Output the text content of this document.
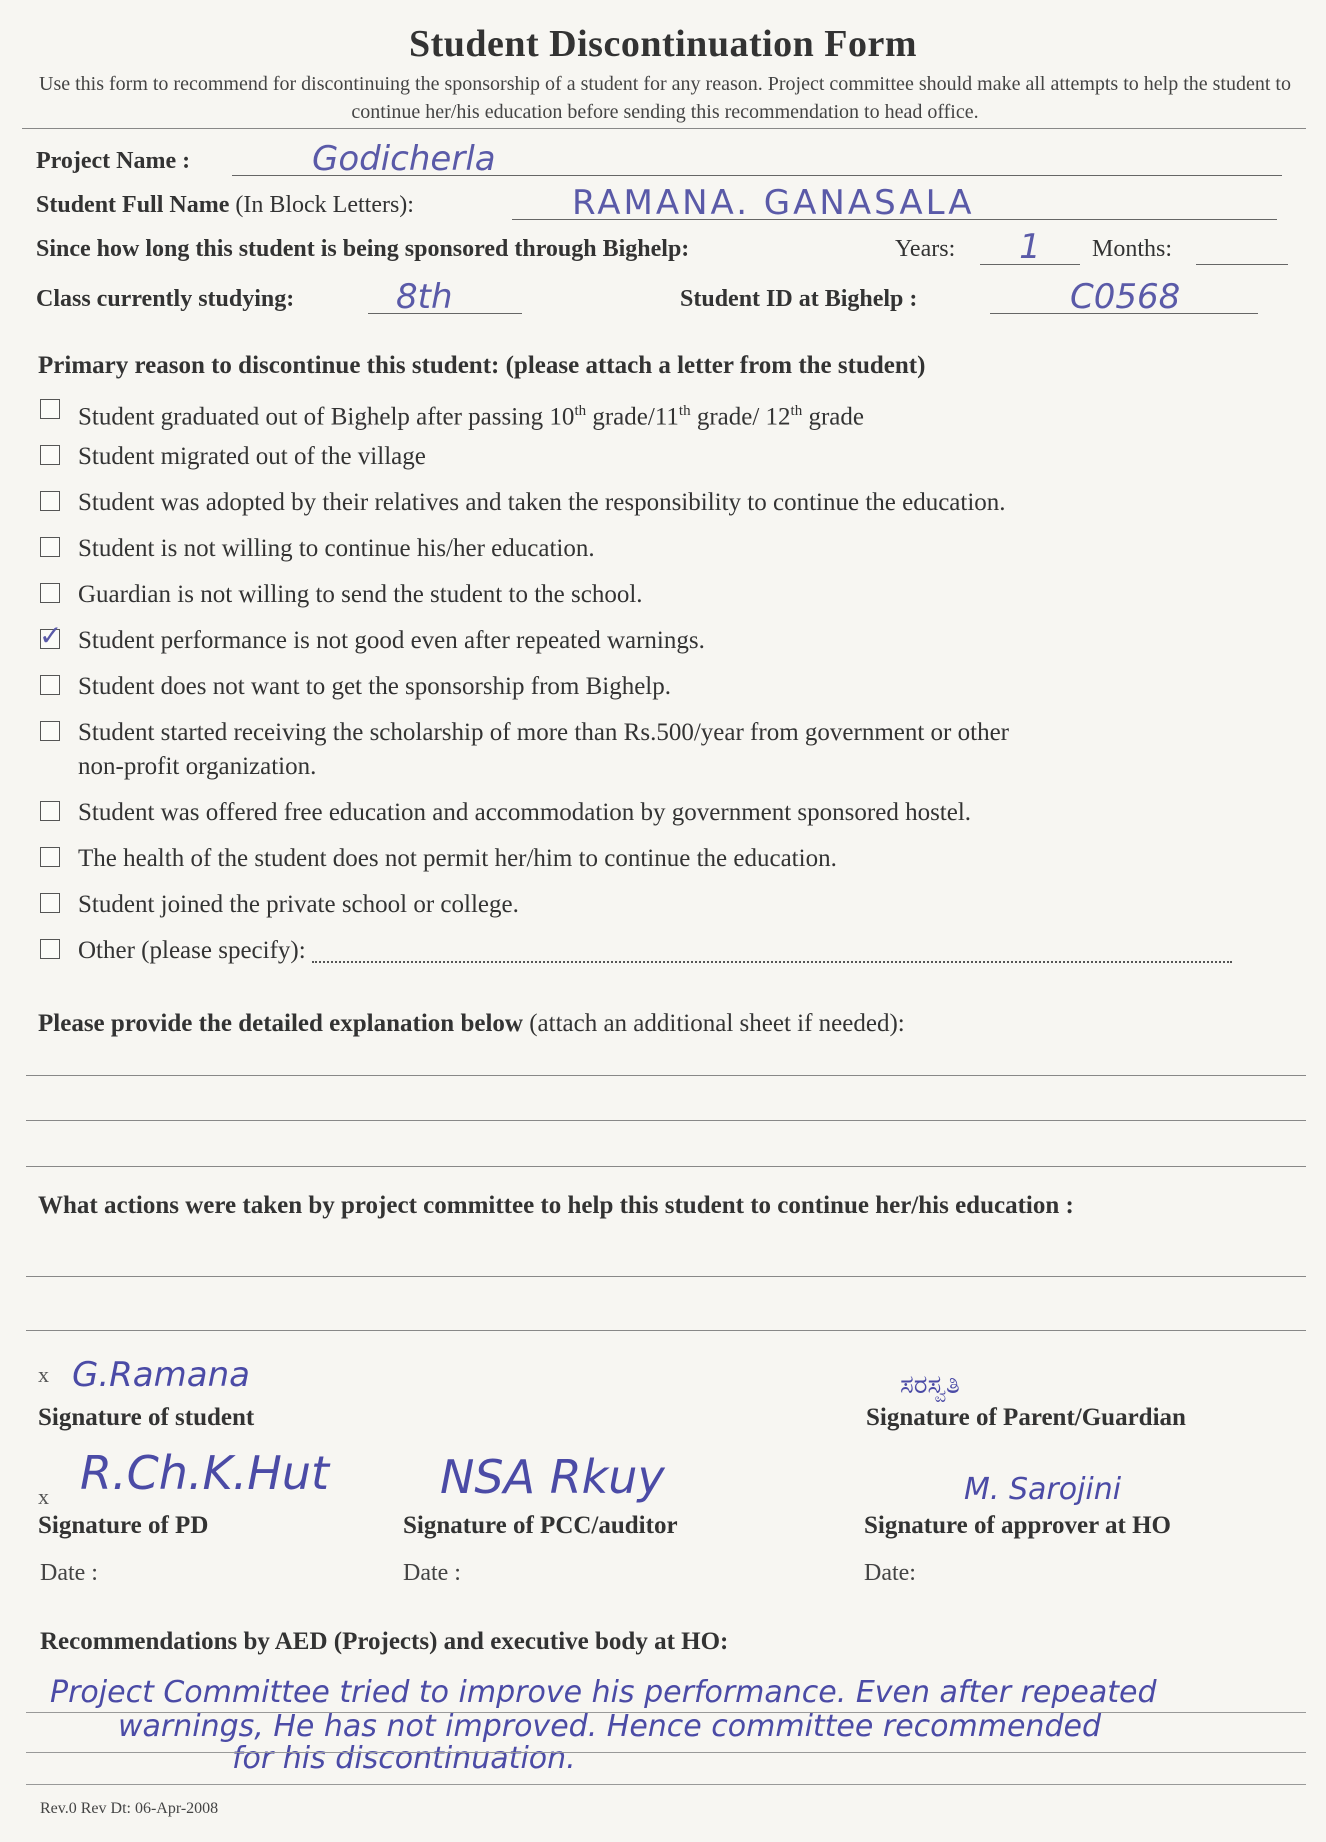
Student Discontinuation Form
Use this form to recommend for discontinuing the sponsorship of a student for any reason. Project committee should make all attempts to help the student to continue her/his education before sending this recommendation to head office.
Project Name :	Godicherla
Student Full Name (In Block Letters):	RAMANA. GANASALA
Since how long this student is being sponsored through Bighelp:	Years:	1	Months:
Class currently studying:	8th	Student ID at Bighelp :	C0568
Primary reason to discontinue this student: (please attach a letter from the student)
Student graduated out of Bighelp after passing 10th grade/11th grade/ 12th grade
Student migrated out of the village
Student was adopted by their relatives and taken the responsibility to continue the education.
Student is not willing to continue his/her education.
Guardian is not willing to send the student to the school.
✓ Student performance is not good even after repeated warnings.
Student does not want to get the sponsorship from Bighelp.
Student started receiving the scholarship of more than Rs.500/year from government or other
non-profit organization.
Student was offered free education and accommodation by government sponsored hostel.
The health of the student does not permit her/him to continue the education.
Student joined the private school or college.
Other (please specify):
Please provide the detailed explanation below (attach an additional sheet if needed):
What actions were taken by project committee to help this student to continue her/his education :
x G.Ramana
Signature of student
ಸರಸ್ವತಿ
Signature of Parent/Guardian
x R.Ch.K.Hut
Signature of PD
NSA Rkuy
Signature of PCC/auditor
M. Sarojini
Signature of approver at HO
Date :	Date :	Date:
Recommendations by AED (Projects) and executive body at HO:
Project Committee tried to improve his performance. Even after repeated
warnings, He has not improved. Hence committee recommended
for his discontinuation.
Rev.0 Rev Dt: 06-Apr-2008
